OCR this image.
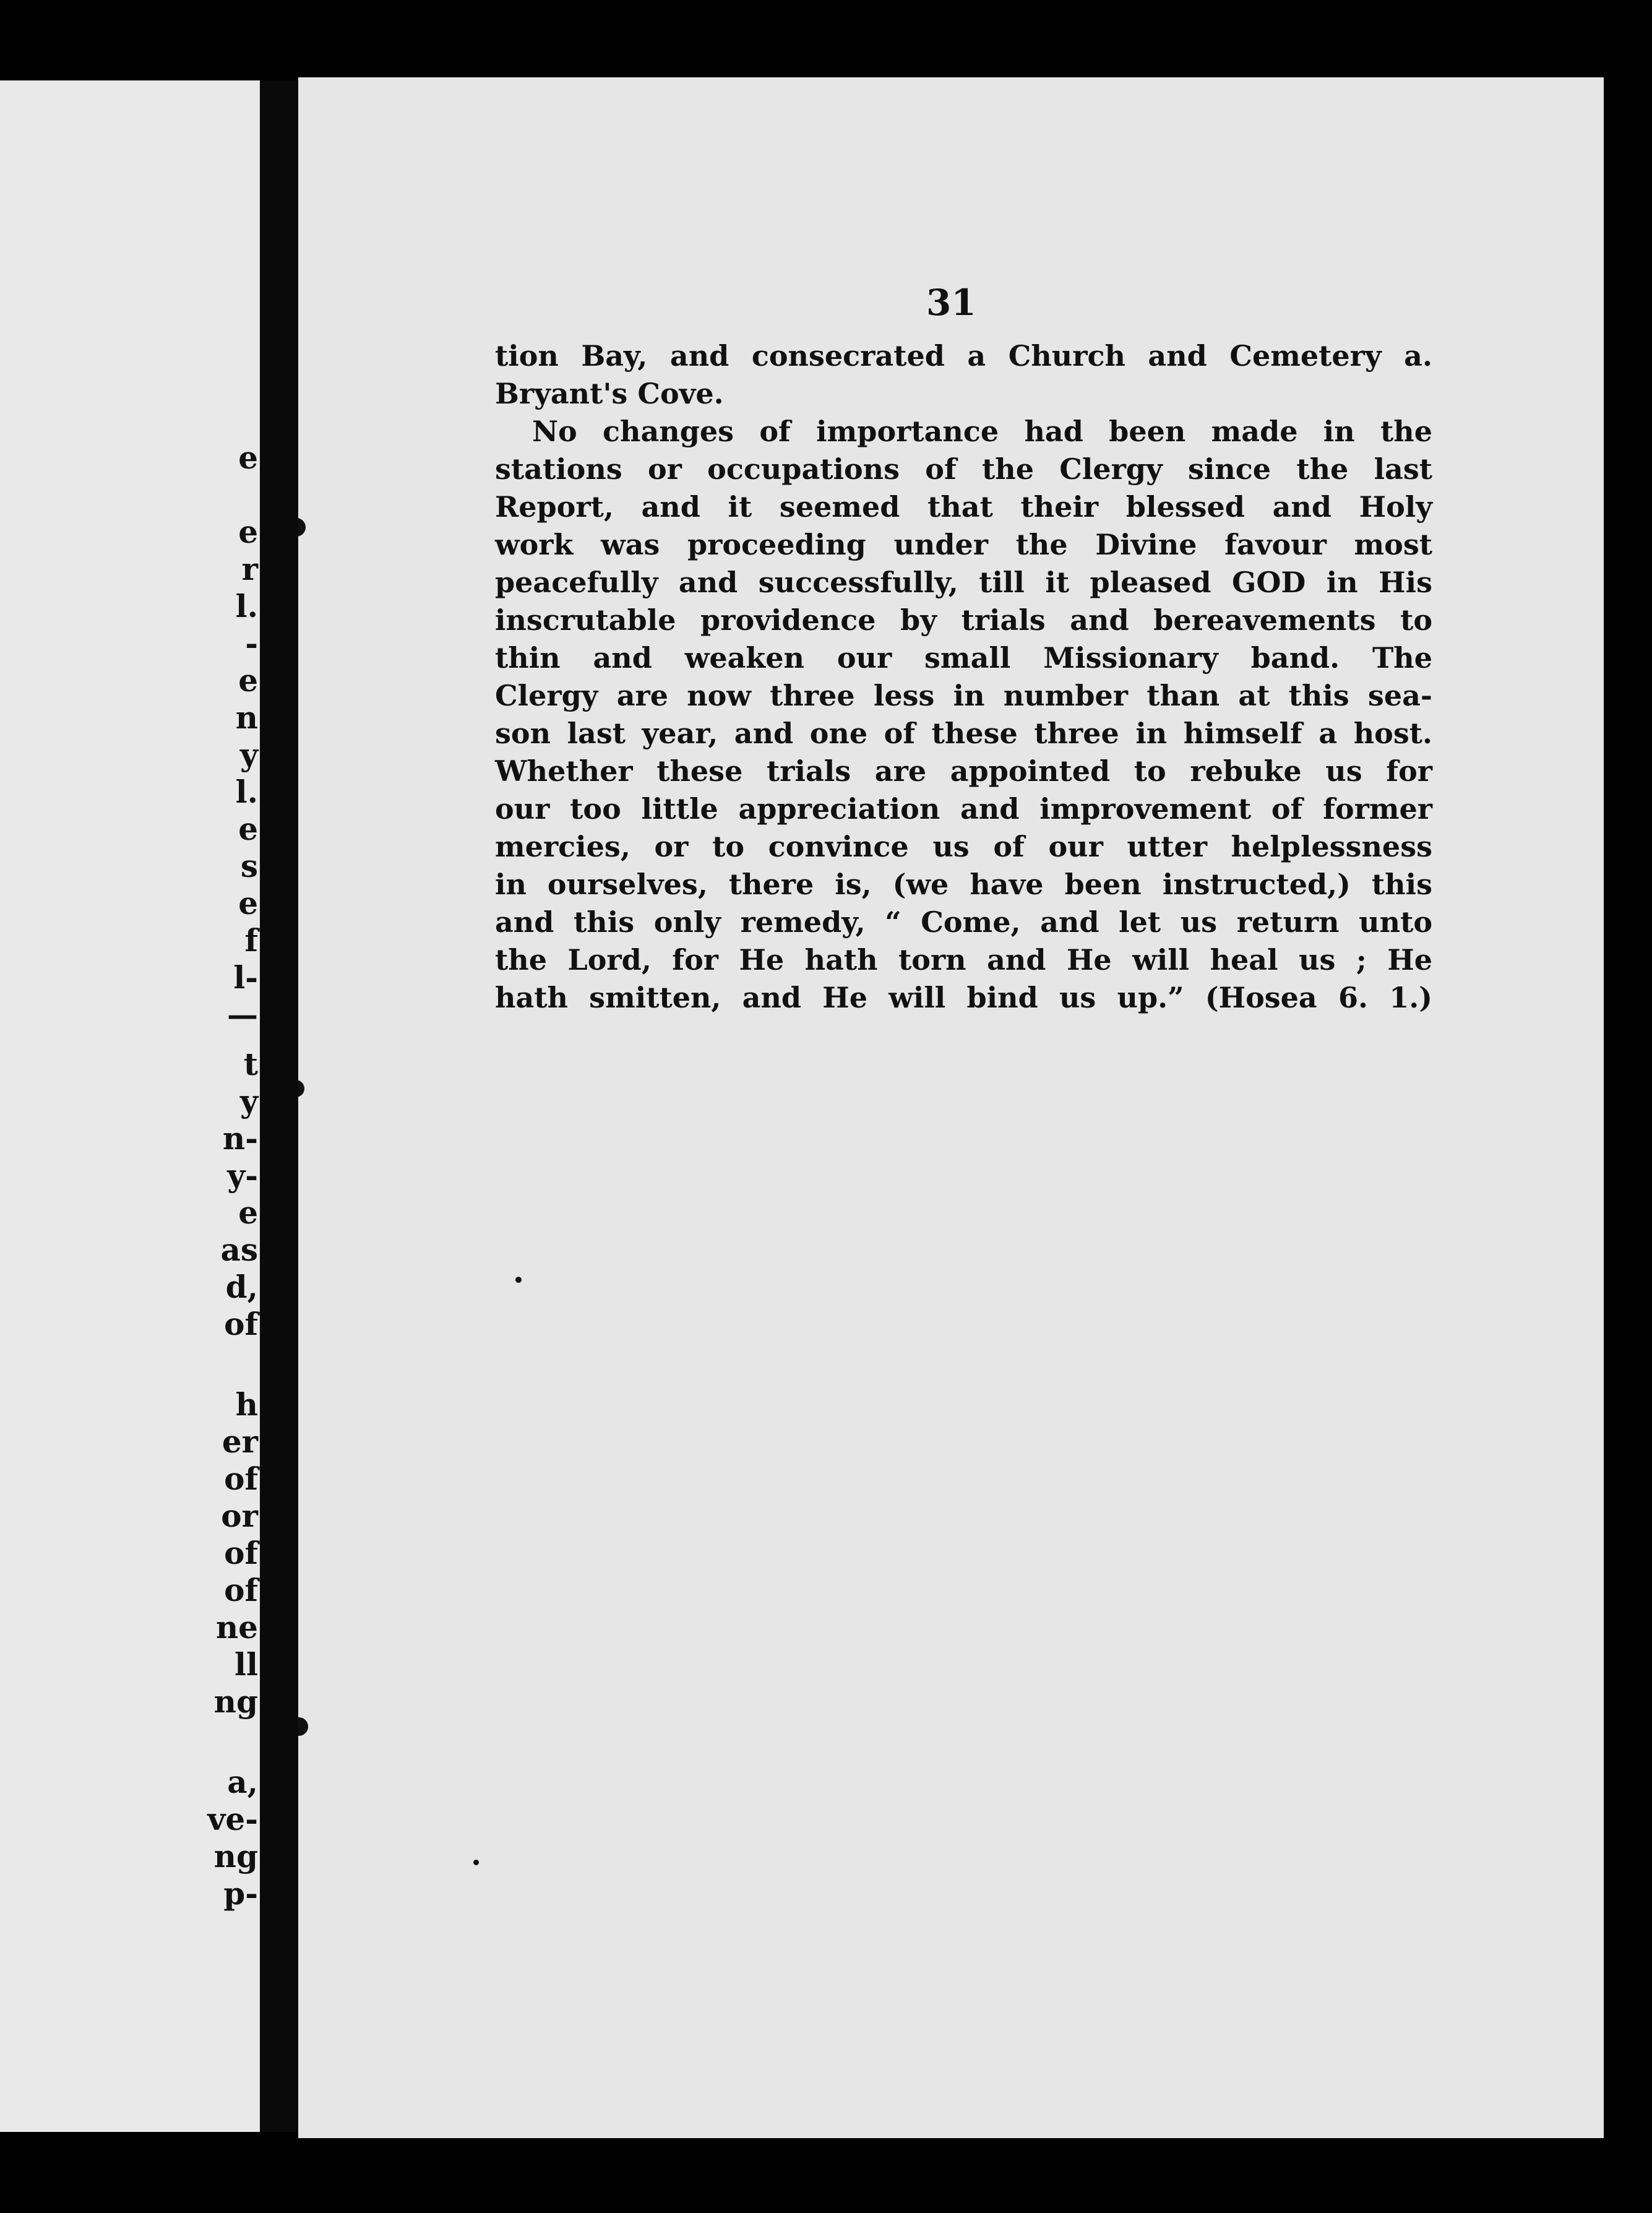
e
e
r
l.
-
e
n
y
l.
e
s
e
f
l-
—
t
y
n-
y-
e
as
d,
of
h
er
of
or
of
of
ne
ll
ng
a,
ve-
ng
p-
31
tion Bay, and consecrated a Church and Cemetery a.
Bryant's Cove.
No changes of importance had been made in the
stations or occupations of the Clergy since the last
Report, and it seemed that their blessed and Holy
work was proceeding under the Divine favour most
peacefully and successfully, till it pleased GOD in His
inscrutable providence by trials and bereavements to
thin and weaken our small Missionary band. The
Clergy are now three less in number than at this sea-
son last year, and one of these three in himself a host.
Whether these trials are appointed to rebuke us for
our too little appreciation and improvement of former
mercies, or to convince us of our utter helplessness
in ourselves, there is, (we have been instructed,) this
and this only remedy, “ Come, and let us return unto
the Lord, for He hath torn and He will heal us ; He
hath smitten, and He will bind us up.” (Hosea 6. 1.)
